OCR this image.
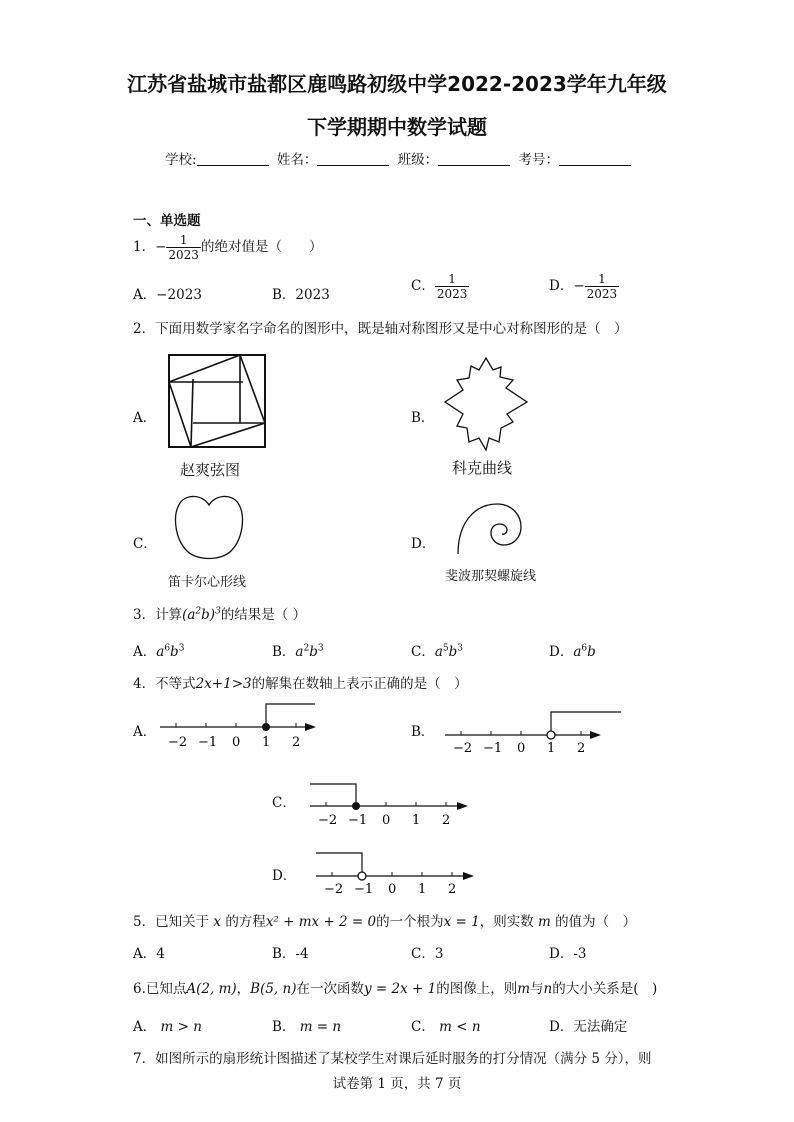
江苏省盐城市盐都区鹿鸣路初级中学2022-2023学年九年级
下学期期中数学试题
学校:	姓名：	班级：	考号：
一、单选题
1．− $\frac{1}{2023}$ 的绝对值是（　　）
A．−2023	B．2023
C． $\frac{1}{2023}$	D．− $\frac{1}{2023}$
2．下面用数学家名字命名的图形中，既是轴对称图形又是中心对称图形的是（　）
A．
赵爽弦图
B．
科克曲线
C．
笛卡尔心形线
D．
斐波那契螺旋线
3．计算$(a^2b)^3$的结果是（ ）
A．$a^6b^3$	B．$a^2b^3$	C．$a^5b^3$	D．$a^6b$
4．不等式2x+1>3的解集在数轴上表示正确的是（　）
A．
−2 −1 0 1 2
B．
−2 −1 0 1 2
C．
−2 −1 0 1 2
D．
−2 −1 0 1 2
5．已知关于 x 的方程x² + mx + 2 = 0的一个根为x = 1，则实数 m 的值为（　）
A．4	B．-4	C．3	D．-3
6.已知点A(2, m)，B(5, n)在一次函数y = 2x + 1的图像上，则m与n的大小关系是(　)
A． m > n	B． m = n	C． m < n	D．无法确定
7．如图所示的扇形统计图描述了某校学生对课后延时服务的打分情况（满分 5 分），则
试卷第 1 页，共 7 页
